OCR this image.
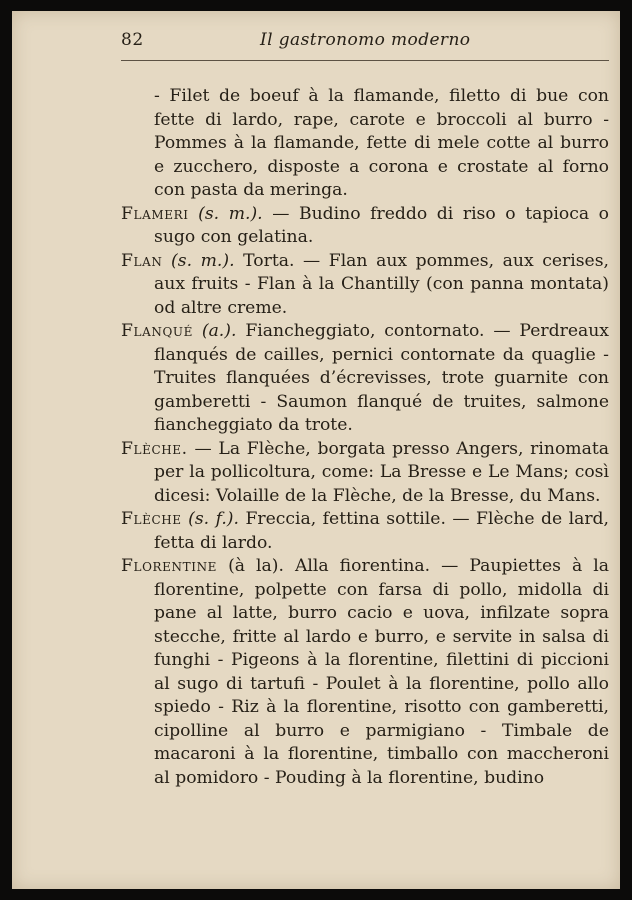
82	Il gastronomo moderno

- Filet de boeuf à la flamande, filetto di bue con fette di lardo, rape, carote e broccoli al burro - Pommes à la flamande, fette di mele cotte al burro e zucchero, disposte a corona e crostate al forno con pasta da meringa.

Flameri (s. m.). — Budino freddo di riso o tapioca o sugo con gelatina.

Flan (s. m.). Torta. — Flan aux pommes, aux cerises, aux fruits - Flan à la Chantilly (con panna montata) od altre creme.

Flanqué (a.). Fiancheggiato, contornato. — Perdreaux flanqués de cailles, pernici contornate da quaglie - Truites flanquées d’écrevisses, trote guarnite con gamberetti - Saumon flanqué de truites, salmone fiancheggiato da trote.

Flèche. — La Flèche, borgata presso Angers, rinomata per la pollicoltura, come: La Bresse e Le Mans; così dicesi: Volaille de la Flèche, de la Bresse, du Mans.

Flèche (s. f.). Freccia, fettina sottile. — Flèche de lard, fetta di lardo.

Florentine (à la). Alla fiorentina. — Paupiettes à la florentine, polpette con farsa di pollo, midolla di pane al latte, burro cacio e uova, infilzate sopra stecche, fritte al lardo e burro, e servite in salsa di funghi - Pigeons à la florentine, filettini di piccioni al sugo di tartufi - Poulet à la florentine, pollo allo spiedo - Riz à la florentine, risotto con gamberetti, cipolline al burro e parmigiano - Timbale de macaroni à la florentine, timballo con maccheroni al pomidoro - Pouding à la florentine, budino
